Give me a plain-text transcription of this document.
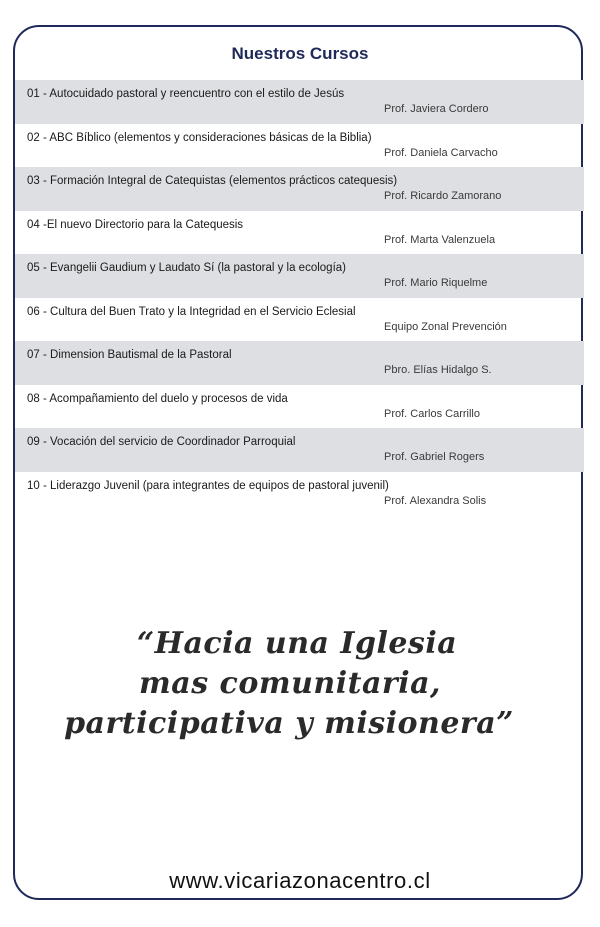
Nuestros Cursos
01 - Autocuidado pastoral y reencuentro con el estilo de Jesús
Prof. Javiera Cordero
02 - ABC Bíblico (elementos y consideraciones básicas de la Biblia)
Prof. Daniela Carvacho
03 - Formación Integral de Catequistas (elementos prácticos catequesis)
Prof. Ricardo Zamorano
04 -El nuevo Directorio para la Catequesis
Prof. Marta Valenzuela
05 - Evangelii Gaudium y Laudato Sí (la pastoral y la ecología)
Prof. Mario Riquelme
06 - Cultura del Buen Trato y la Integridad en el Servicio Eclesial
Equipo Zonal Prevención
07 - Dimension Bautismal de la Pastoral
Pbro. Elías Hidalgo S.
08 - Acompañamiento del duelo y procesos de vida
Prof. Carlos Carrillo
09 - Vocación del servicio de Coordinador Parroquial
Prof. Gabriel Rogers
10 - Liderazgo Juvenil (para integrantes de equipos de pastoral juvenil)
Prof. Alexandra Solis
“Hacia una Iglesia
mas comunitaria,
participativa y misionera”
www.vicariazonacentro.cl
